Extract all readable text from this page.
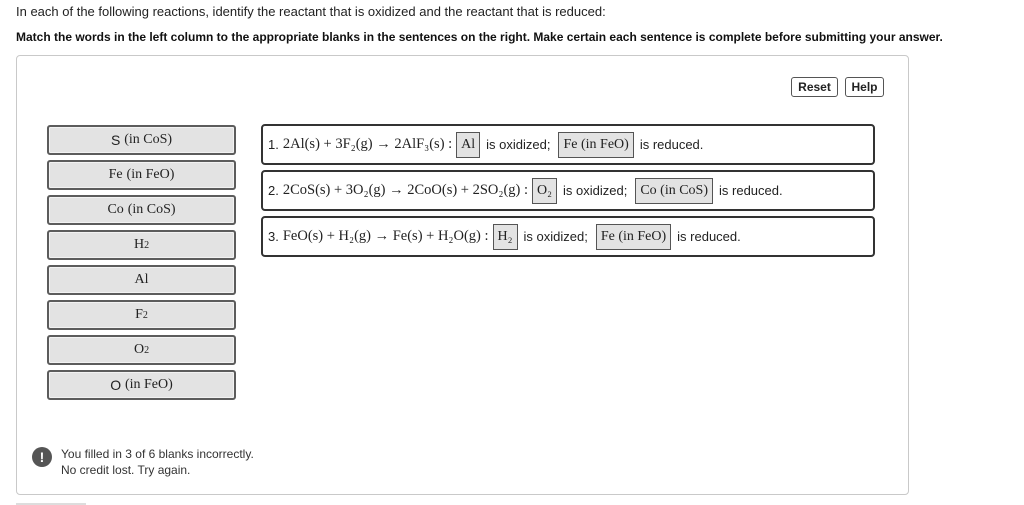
In each of the following reactions, identify the reactant that is oxidized and the reactant that is reduced:

Match the words in the left column to the appropriate blanks in the sentences on the right. Make certain each sentence is complete before submitting your answer.

Reset	Help
S
(in CoS)
Fe
(in FeO)
Co
(in CoS)
H 2
Al
F 2
O 2
O
(in FeO)
1. 2Al(s) + 3F₂(g) → 2AlF₃(s) : Al is oxidized; Fe (in FeO) is reduced.
2. 2CoS(s) + 3O₂(g) → 2CoO(s) + 2SO₂(g) : O₂ is oxidized; Co (in CoS) is reduced.
3. FeO(s) + H₂(g) → Fe(s) + H₂O(g) : H₂ is oxidized; Fe (in FeO) is reduced.
!	You filled in 3 of 6 blanks incorrectly.
No credit lost. Try again.
